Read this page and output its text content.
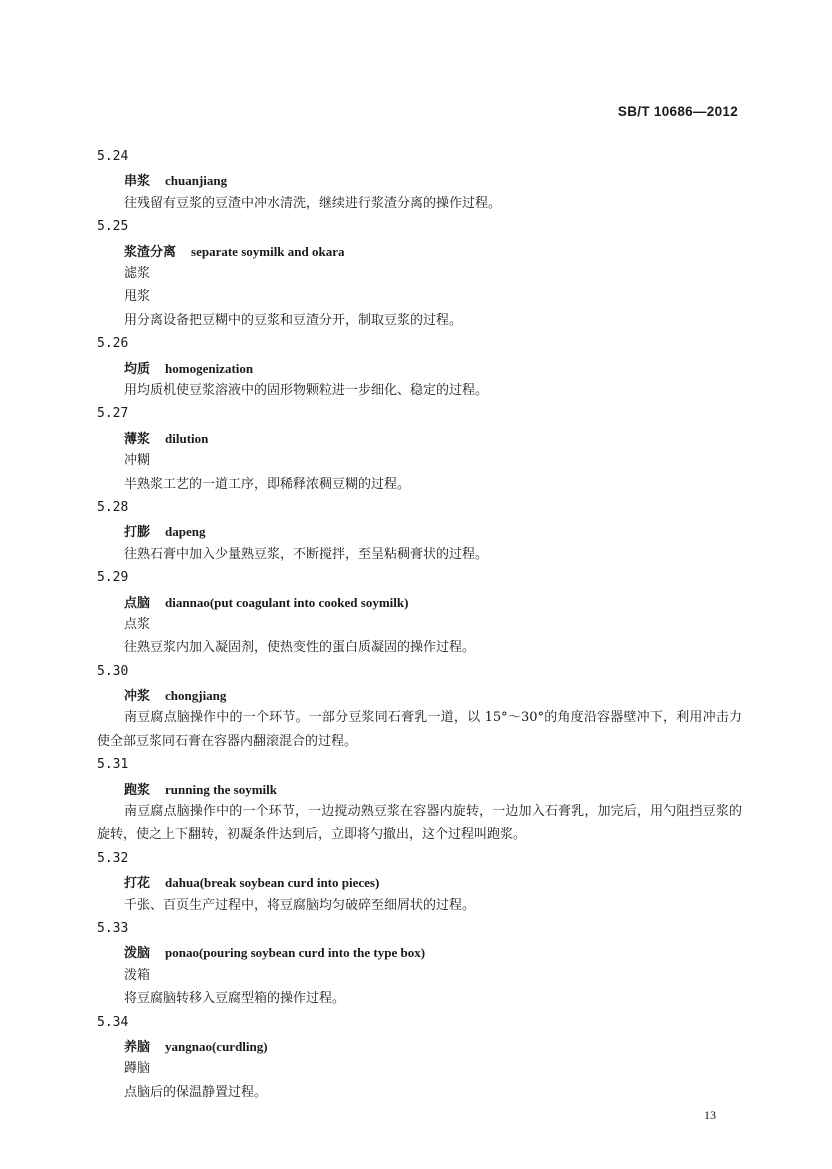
SB/T 10686—2012
5.24
串浆 chuanjiang

往残留有豆浆的豆渣中冲水清洗，继续进行浆渣分离的操作过程。

5.25
浆渣分离 separate soymilk and okara
滤浆
甩浆

用分离设备把豆糊中的豆浆和豆渣分开，制取豆浆的过程。

5.26
均质 homogenization

用均质机使豆浆溶液中的固形物颗粒进一步细化、稳定的过程。

5.27
薄浆 dilution
冲糊

半熟浆工艺的一道工序，即稀释浓稠豆糊的过程。

5.28
打膨 dapeng

往熟石膏中加入少量熟豆浆，不断搅拌，至呈粘稠膏状的过程。

5.29
点脑 diannao(put coagulant into cooked soymilk)
点浆

往熟豆浆内加入凝固剂，使热变性的蛋白质凝固的操作过程。

5.30
冲浆 chongjiang

南豆腐点脑操作中的一个环节。一部分豆浆同石膏乳一道，以 15°～30°的角度沿容器壁冲下，利用冲击力使全部豆浆同石膏在容器内翻滚混合的过程。

5.31
跑浆 running the soymilk

南豆腐点脑操作中的一个环节，一边搅动熟豆浆在容器内旋转，一边加入石膏乳，加完后，用勺阻挡豆浆的旋转，使之上下翻转，初凝条件达到后，立即将勺撤出，这个过程叫跑浆。

5.32
打花 dahua(break soybean curd into pieces)

千张、百页生产过程中，将豆腐脑均匀破碎至细屑状的过程。

5.33
泼脑 ponao(pouring soybean curd into the type box)
泼箱

将豆腐脑转移入豆腐型箱的操作过程。

5.34
养脑 yangnao(curdling)
蹲脑

点脑后的保温静置过程。

13
